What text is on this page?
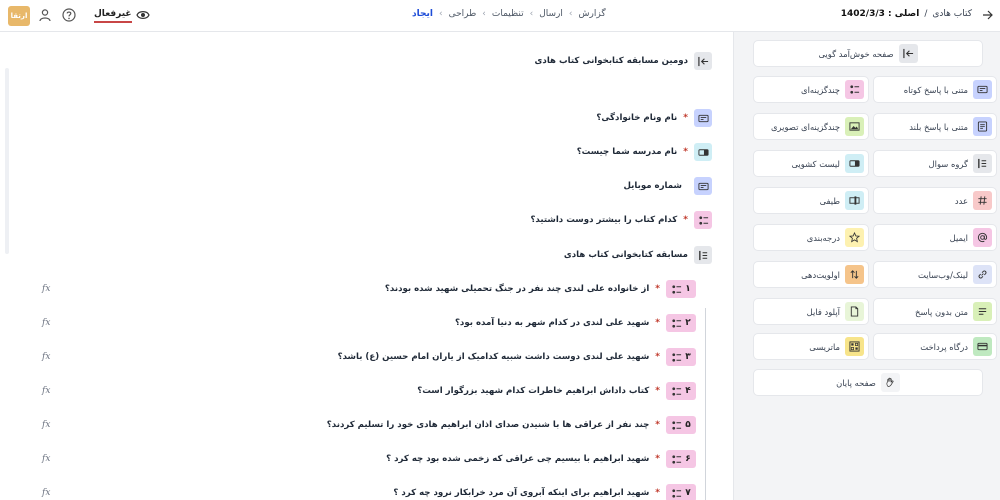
ارتقا	غیرفعال	ایجاد › طراحی › تنظیمات › ارسال › گزارش	کتاب هادی
/
اصلی : 1402/3/3
دومین مسابقه کتابخوانی کتاب هادی
*
نام ونام خانوادگی؟
*
نام مدرسه شما چیست؟
شماره موبایل
*
کدام کتاب را بیشتر دوست داشتید؟
مسابقه کتابخوانی کتاب هادی
۱
*
از خانواده علی لندی چند نفر در جنگ تحمیلی شهید شده بودند؟
fx
۲
*
شهید علی لندی در کدام شهر به دنیا آمده بود؟
fx
۳
*
شهید علی لندی دوست داشت شبیه کدامیک از یاران امام حسین (ع) باشد؟
fx
۴
*
کتاب داداش ابراهیم خاطرات کدام شهید بزرگوار است؟
fx
۵
*
چند نفر از عراقی ها با شنیدن صدای اذان ابراهیم هادی خود را تسلیم کردند؟
fx
۶
*
شهید ابراهیم با بیسیم چی عراقی که زخمی شده بود چه کرد ؟
fx
۷
*
شهید ابراهیم برای اینکه آبروی آن مرد خرابکار نرود چه کرد ؟
fx
صفحه خوش‌آمد گویی
متنی با پاسخ کوتاه
چندگزینه‌ای
متنی با پاسخ بلند
چندگزینه‌ای تصویری
گروه سوال
لیست کشویی
عدد
طیفی
ایمیل
درجه‌بندی
لینک/وب‌سایت
اولویت‌دهی
متن بدون پاسخ
آپلود فایل
درگاه پرداخت
ماتریسی
صفحه پایان
